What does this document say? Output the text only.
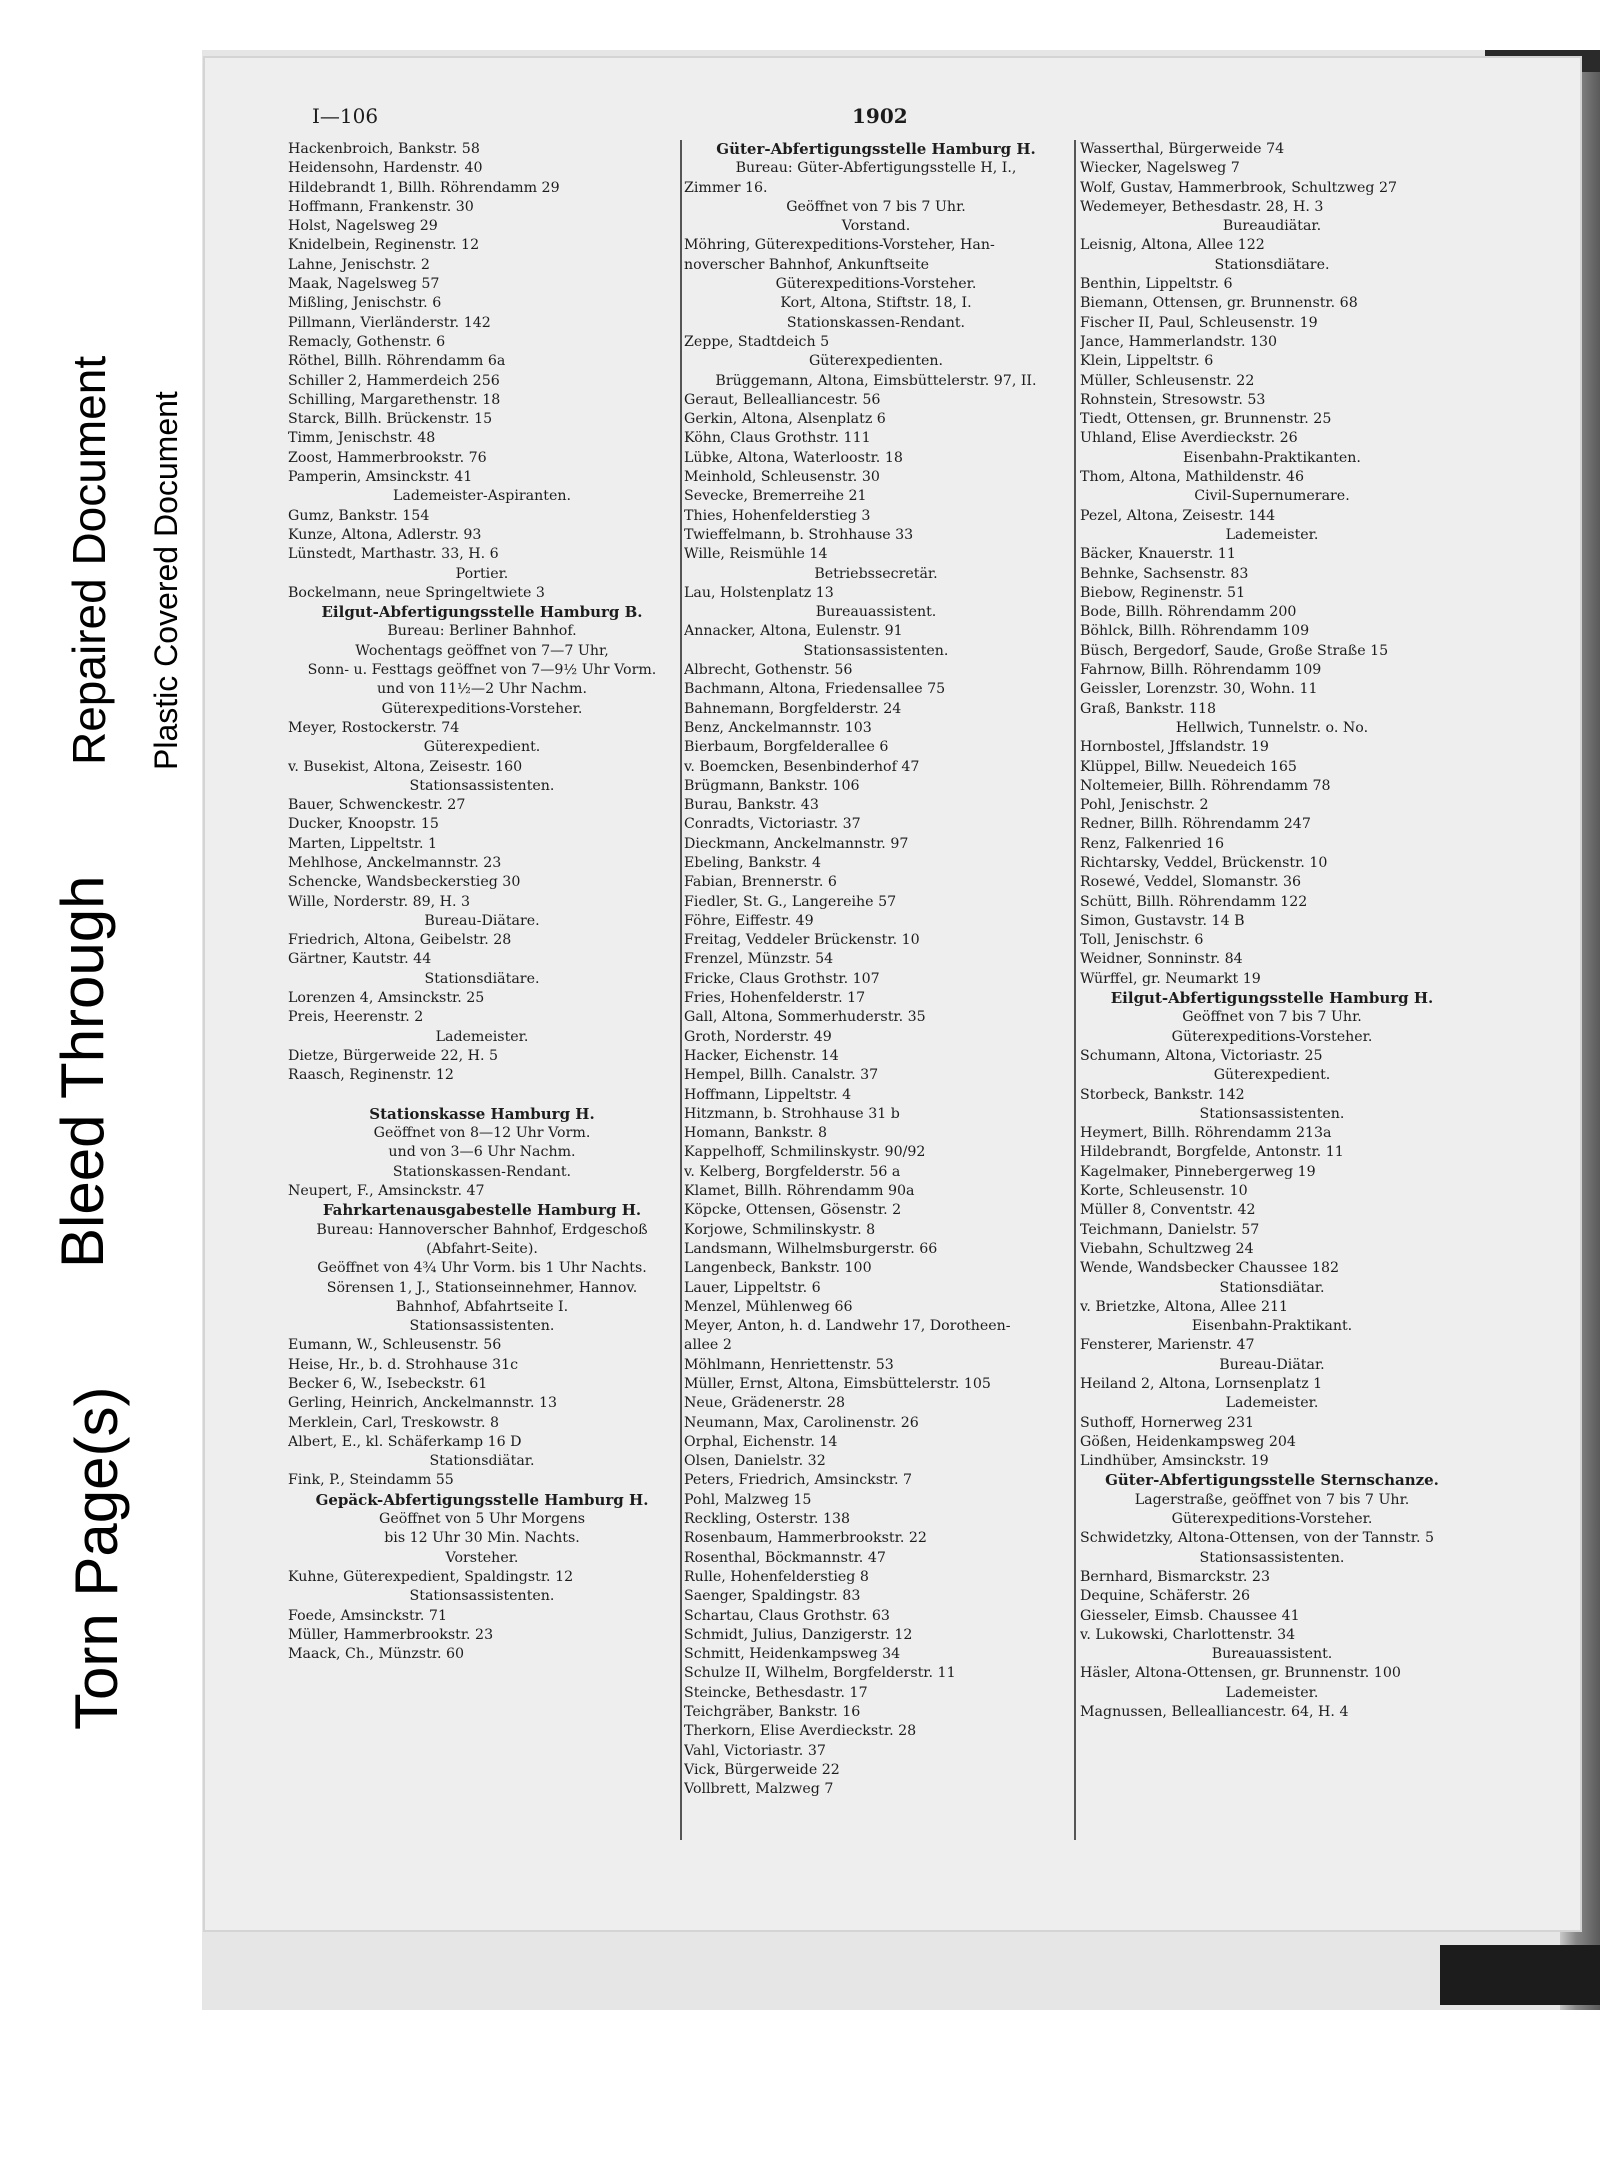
Torn Page(s)
Bleed Through
Repaired Document Plastic Covered Document
I—106	1902
Hackenbroich, Bankstr. 58
Heidensohn, Hardenstr. 40
Hildebrandt 1, Billh. Röhrendamm 29
Hoffmann, Frankenstr. 30
Holst, Nagelsweg 29
Knidelbein, Reginenstr. 12
Lahne, Jenischstr. 2
Maak, Nagelsweg 57
Mißling, Jenischstr. 6
Pillmann, Vierländerstr. 142
Remacly, Gothenstr. 6
Röthel, Billh. Röhrendamm 6a
Schiller 2, Hammerdeich 256
Schilling, Margarethenstr. 18
Starck, Billh. Brückenstr. 15
Timm, Jenischstr. 48
Zoost, Hammerbrookstr. 76
Pamperin, Amsinckstr. 41
Lademeister-Aspiranten.
Gumz, Bankstr. 154
Kunze, Altona, Adlerstr. 93
Lünstedt, Marthastr. 33, H. 6
Portier.
Bockelmann, neue Springeltwiete 3
Eilgut-Abfertigungsstelle Hamburg B.
Bureau: Berliner Bahnhof.
Wochentags geöffnet von 7—7 Uhr,
Sonn- u. Festtags geöffnet von 7—9½ Uhr Vorm.
und von 11½—2 Uhr Nachm.
Güterexpeditions-Vorsteher.
Meyer, Rostockerstr. 74
Güterexpedient.
v. Busekist, Altona, Zeisestr. 160
Stationsassistenten.
Bauer, Schwenckestr. 27
Ducker, Knoopstr. 15
Marten, Lippeltstr. 1
Mehlhose, Anckelmannstr. 23
Schencke, Wandsbeckerstieg 30
Wille, Norderstr. 89, H. 3
Bureau-Diätare.
Friedrich, Altona, Geibelstr. 28
Gärtner, Kautstr. 44
Stationsdiätare.
Lorenzen 4, Amsinckstr. 25
Preis, Heerenstr. 2
Lademeister.
Dietze, Bürgerweide 22, H. 5
Raasch, Reginenstr. 12
Stationskasse Hamburg H.
Geöffnet von 8—12 Uhr Vorm.
und von 3—6 Uhr Nachm.
Stationskassen-Rendant.
Neupert, F., Amsinckstr. 47
Fahrkartenausgabestelle Hamburg H.
Bureau: Hannoverscher Bahnhof, Erdgeschoß
(Abfahrt-Seite).
Geöffnet von 4¾ Uhr Vorm. bis 1 Uhr Nachts.
Sörensen 1, J., Stationseinnehmer, Hannov.
Bahnhof, Abfahrtseite I.
Stationsassistenten.
Eumann, W., Schleusenstr. 56
Heise, Hr., b. d. Strohhause 31c
Becker 6, W., Isebeckstr. 61
Gerling, Heinrich, Anckelmannstr. 13
Merklein, Carl, Treskowstr. 8
Albert, E., kl. Schäferkamp 16 D
Stationsdiätar.
Fink, P., Steindamm 55
Gepäck-Abfertigungsstelle Hamburg H.
Geöffnet von 5 Uhr Morgens
bis 12 Uhr 30 Min. Nachts.
Vorsteher.
Kuhne, Güterexpedient, Spaldingstr. 12
Stationsassistenten.
Foede, Amsinckstr. 71
Müller, Hammerbrookstr. 23
Maack, Ch., Münzstr. 60
Güter-Abfertigungsstelle Hamburg H.
Bureau: Güter-Abfertigungsstelle H, I.,
Zimmer 16.
Geöffnet von 7 bis 7 Uhr.
Vorstand.
Möhring, Güterexpeditions-Vorsteher, Han-
noverscher Bahnhof, Ankunftseite
Güterexpeditions-Vorsteher.
Kort, Altona, Stiftstr. 18, I.
Stationskassen-Rendant.
Zeppe, Stadtdeich 5
Güterexpedienten.
Brüggemann, Altona, Eimsbüttelerstr. 97, II.
Geraut, Bellealliancestr. 56
Gerkin, Altona, Alsenplatz 6
Köhn, Claus Grothstr. 111
Lübke, Altona, Waterloostr. 18
Meinhold, Schleusenstr. 30
Sevecke, Bremerreihe 21
Thies, Hohenfelderstieg 3
Twieffelmann, b. Strohhause 33
Wille, Reismühle 14
Betriebssecretär.
Lau, Holstenplatz 13
Bureauassistent.
Annacker, Altona, Eulenstr. 91
Stationsassistenten.
Albrecht, Gothenstr. 56
Bachmann, Altona, Friedensallee 75
Bahnemann, Borgfelderstr. 24
Benz, Anckelmannstr. 103
Bierbaum, Borgfelderallee 6
v. Boemcken, Besenbinderhof 47
Brügmann, Bankstr. 106
Burau, Bankstr. 43
Conradts, Victoriastr. 37
Dieckmann, Anckelmannstr. 97
Ebeling, Bankstr. 4
Fabian, Brennerstr. 6
Fiedler, St. G., Langereihe 57
Föhre, Eiffestr. 49
Freitag, Veddeler Brückenstr. 10
Frenzel, Münzstr. 54
Fricke, Claus Grothstr. 107
Fries, Hohenfelderstr. 17
Gall, Altona, Sommerhuderstr. 35
Groth, Norderstr. 49
Hacker, Eichenstr. 14
Hempel, Billh. Canalstr. 37
Hoffmann, Lippeltstr. 4
Hitzmann, b. Strohhause 31 b
Homann, Bankstr. 8
Kappelhoff, Schmilinskystr. 90/92
v. Kelberg, Borgfelderstr. 56 a
Klamet, Billh. Röhrendamm 90a
Köpcke, Ottensen, Gösenstr. 2
Korjowe, Schmilinskystr. 8
Landsmann, Wilhelmsburgerstr. 66
Langenbeck, Bankstr. 100
Lauer, Lippeltstr. 6
Menzel, Mühlenweg 66
Meyer, Anton, h. d. Landwehr 17, Dorotheen-
allee 2
Möhlmann, Henriettenstr. 53
Müller, Ernst, Altona, Eimsbüttelerstr. 105
Neue, Grädenerstr. 28
Neumann, Max, Carolinenstr. 26
Orphal, Eichenstr. 14
Olsen, Danielstr. 32
Peters, Friedrich, Amsinckstr. 7
Pohl, Malzweg 15
Reckling, Osterstr. 138
Rosenbaum, Hammerbrookstr. 22
Rosenthal, Böckmannstr. 47
Rulle, Hohenfelderstieg 8
Saenger, Spaldingstr. 83
Schartau, Claus Grothstr. 63
Schmidt, Julius, Danzigerstr. 12
Schmitt, Heidenkampsweg 34
Schulze II, Wilhelm, Borgfelderstr. 11
Steincke, Bethesdastr. 17
Teichgräber, Bankstr. 16
Therkorn, Elise Averdieckstr. 28
Vahl, Victoriastr. 37
Vick, Bürgerweide 22
Vollbrett, Malzweg 7
Wasserthal, Bürgerweide 74
Wiecker, Nagelsweg 7
Wolf, Gustav, Hammerbrook, Schultzweg 27
Wedemeyer, Bethesdastr. 28, H. 3
Bureaudiätar.
Leisnig, Altona, Allee 122
Stationsdiätare.
Benthin, Lippeltstr. 6
Biemann, Ottensen, gr. Brunnenstr. 68
Fischer II, Paul, Schleusenstr. 19
Jance, Hammerlandstr. 130
Klein, Lippeltstr. 6
Müller, Schleusenstr. 22
Rohnstein, Stresowstr. 53
Tiedt, Ottensen, gr. Brunnenstr. 25
Uhland, Elise Averdieckstr. 26
Eisenbahn-Praktikanten.
Thom, Altona, Mathildenstr. 46
Civil-Supernumerare.
Pezel, Altona, Zeisestr. 144
Lademeister.
Bäcker, Knauerstr. 11
Behnke, Sachsenstr. 83
Biebow, Reginenstr. 51
Bode, Billh. Röhrendamm 200
Böhlck, Billh. Röhrendamm 109
Büsch, Bergedorf, Saude, Große Straße 15
Fahrnow, Billh. Röhrendamm 109
Geissler, Lorenzstr. 30, Wohn. 11
Graß, Bankstr. 118
Hellwich, Tunnelstr. o. No.
Hornbostel, Jffslandstr. 19
Klüppel, Billw. Neuedeich 165
Noltemeier, Billh. Röhrendamm 78
Pohl, Jenischstr. 2
Redner, Billh. Röhrendamm 247
Renz, Falkenried 16
Richtarsky, Veddel, Brückenstr. 10
Rosewé, Veddel, Slomanstr. 36
Schütt, Billh. Röhrendamm 122
Simon, Gustavstr. 14 B
Toll, Jenischstr. 6
Weidner, Sonninstr. 84
Würffel, gr. Neumarkt 19
Eilgut-Abfertigungsstelle Hamburg H.
Geöffnet von 7 bis 7 Uhr.
Güterexpeditions-Vorsteher.
Schumann, Altona, Victoriastr. 25
Güterexpedient.
Storbeck, Bankstr. 142
Stationsassistenten.
Heymert, Billh. Röhrendamm 213a
Hildebrandt, Borgfelde, Antonstr. 11
Kagelmaker, Pinnebergerweg 19
Korte, Schleusenstr. 10
Müller 8, Conventstr. 42
Teichmann, Danielstr. 57
Viebahn, Schultzweg 24
Wende, Wandsbecker Chaussee 182
Stationsdiätar.
v. Brietzke, Altona, Allee 211
Eisenbahn-Praktikant.
Fensterer, Marienstr. 47
Bureau-Diätar.
Heiland 2, Altona, Lornsenplatz 1
Lademeister.
Suthoff, Hornerweg 231
Gößen, Heidenkampsweg 204
Lindhüber, Amsinckstr. 19
Güter-Abfertigungsstelle Sternschanze.
Lagerstraße, geöffnet von 7 bis 7 Uhr.
Güterexpeditions-Vorsteher.
Schwidetzky, Altona-Ottensen, von der Tannstr. 5
Stationsassistenten.
Bernhard, Bismarckstr. 23
Dequine, Schäferstr. 26
Giesseler, Eimsb. Chaussee 41
v. Lukowski, Charlottenstr. 34
Bureauassistent.
Häsler, Altona-Ottensen, gr. Brunnenstr. 100
Lademeister.
Magnussen, Bellealliancestr. 64, H. 4
